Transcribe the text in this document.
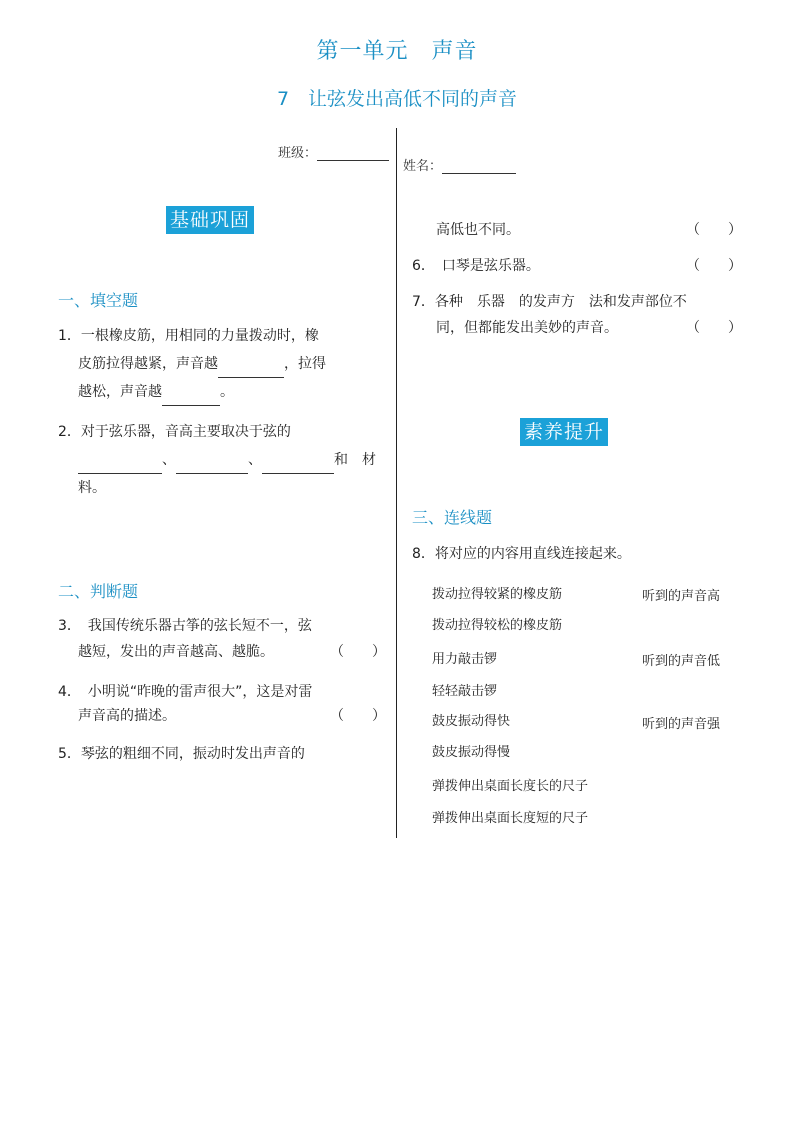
第一单元　声音
7　让弦发出高低不同的声音
班级：
姓名：
基础巩固
一、填空题
1．一根橡皮筋，用相同的力量拨动时，橡
皮筋拉得越紧，声音越	，拉得
越松，声音越	。
2．对于弦乐器，音高主要取决于弦的
、	、	和　材
料。
二、判断题
3．　我国传统乐器古筝的弦长短不一，弦
越短，发出的声音越高、越脆。	（　　）
4．　小明说“昨晚的雷声很大”，这是对雷
声音高的描述。	（　　）
5．琴弦的粗细不同，振动时发出声音的
高低也不同。	（　　）
6．　口琴是弦乐器。	（　　）
7．各种　乐器　的发声方　法和发声部位不
同，但都能发出美妙的声音。	（　　）
素养提升
三、连线题
8．将对应的内容用直线连接起来。
拨动拉得较紧的橡皮筋
拨动拉得较松的橡皮筋
用力敲击锣
轻轻敲击锣
鼓皮振动得快
鼓皮振动得慢
弹拨伸出桌面长度长的尺子
弹拨伸出桌面长度短的尺子
听到的声音高
听到的声音低
听到的声音强
